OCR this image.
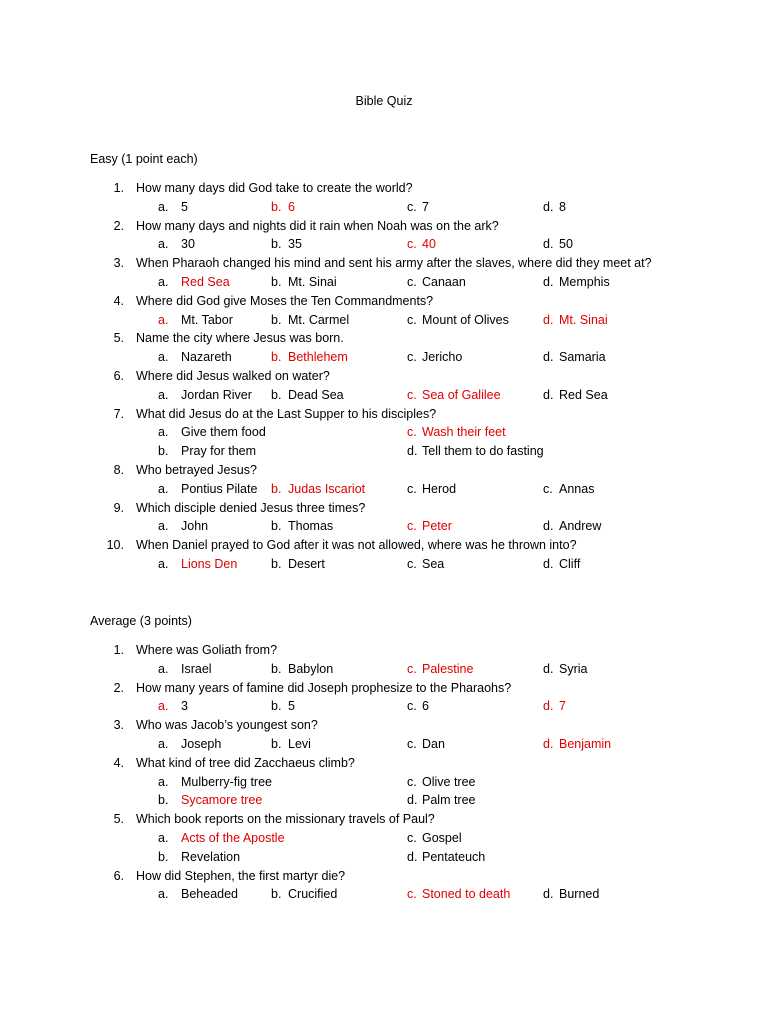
Bible Quiz
Easy (1 point each)
1. How many days did God take to create the world?
a. 5	b. 6	c. 7	d. 8
2. How many days and nights did it rain when Noah was on the ark?
a. 30	b. 35	c. 40	d. 50
3. When Pharaoh changed his mind and sent his army after the slaves, where did they meet at?
a. Red Sea	b. Mt. Sinai	c. Canaan	d. Memphis
4. Where did God give Moses the Ten Commandments?
a. Mt. Tabor	b. Mt. Carmel	c. Mount of Olives	d. Mt. Sinai
5. Name the city where Jesus was born.
a. Nazareth	b. Bethlehem	c. Jericho	d. Samaria
6. Where did Jesus walked on water?
a. Jordan River b. Dead Sea	c. Sea of Galilee	d. Red Sea
7. What did Jesus do at the Last Supper to his disciples?
a. Give them food	c. Wash their feet
b. Pray for them	d. Tell them to do fasting
8. Who betrayed Jesus?
a. Pontius Pilate b. Judas Iscariot	c. Herod	c. Annas
9. Which disciple denied Jesus three times?
a. John	b. Thomas	c. Peter	d. Andrew
10. When Daniel prayed to God after it was not allowed, where was he thrown into?
a. Lions Den	b. Desert	c. Sea	d. Cliff
Average (3 points)
1. Where was Goliath from?
a. Israel	b. Babylon	c. Palestine	d. Syria
2. How many years of famine did Joseph prophesize to the Pharaohs?
a. 3	b. 5	c. 6	d. 7
3. Who was Jacob’s youngest son?
a. Joseph	b. Levi	c. Dan	d. Benjamin
4. What kind of tree did Zacchaeus climb?
a. Mulberry-fig tree	c. Olive tree
b. Sycamore tree	d. Palm tree
5. Which book reports on the missionary travels of Paul?
a. Acts of the Apostle	c. Gospel
b. Revelation	d. Pentateuch
6. How did Stephen, the first martyr die?
a. Beheaded	b. Crucified	c. Stoned to death	d. Burned
